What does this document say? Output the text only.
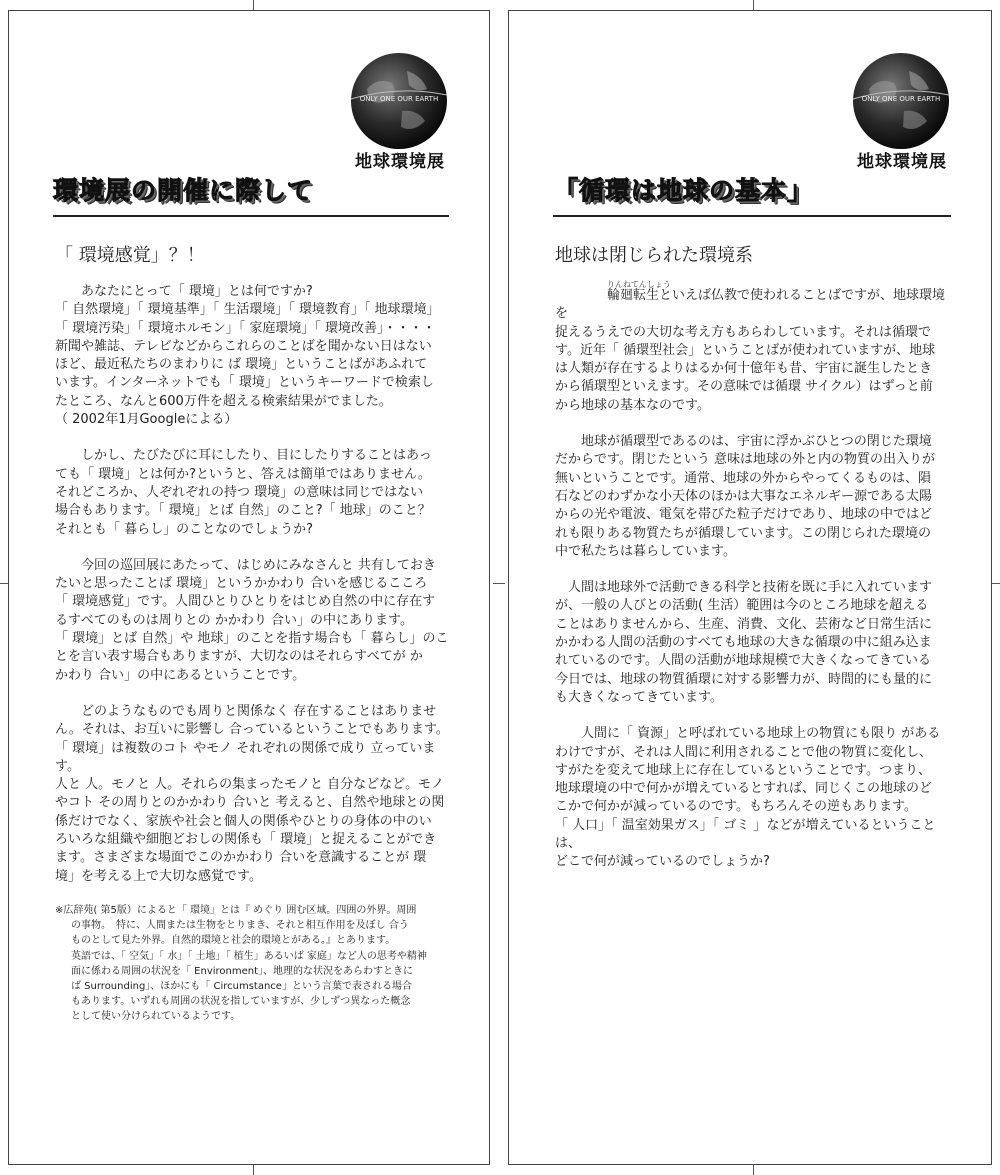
ONLY ONE OUR EARTH
地球環境展
環境展の開催に際して
「 環境感覚」？！

あなたにとって「 環境」とは何ですか?

「 自然環境」「 環境基準」「 生活環境」「 環境教育」「 地球環境」

「 環境汚染」「 環境ホルモン」「 家庭環境」「 環境改善」・・・・

新聞や雑誌、テレビなどからこれらのことばを聞かない日はない

ほど、最近私たちのまわりに ば 環境」ということばがあふれて

います。インターネットでも「 環境」というキーワードで検索し

たところ、なんと600万件を超える検索結果がでました。

（ 2002年1月Googleによる）

しかし、たびたびに耳にしたり、目にしたりすることはあっ

ても「 環境」とは何か?というと、答えは簡単ではありません。

それどころか、人ぞれぞれの持つ 環境」の意味は同じではない

場合もあります。「 環境」とば 自然」のこと?「 地球」のこと？

それとも「 暮らし」のことなのでしょうか?

今回の巡回展にあたって、はじめにみなさんと 共有しておき

たいと思ったことば 環境」というかかわり 合いを感じるこころ

「 環境感覚」です。人間ひとりひとりをはじめ自然の中に存在す

るすべてのものは周りとの かかわり 合い」の中にあります。

「 環境」とば 自然」や 地球」のことを指す場合も「 暮らし」のこ

とを言い表す場合もありますが、大切なのはそれらすべてが か

かわり 合い」の中にあるということです。

どのようなものでも周りと関係なく 存在することはありませ

ん。それは、お互いに影響し 合っているということでもあります。

「 環境」は複数のコト やモノ それぞれの関係で成り 立っています。

人と 人。モノと 人。それらの集まったモノと 自分などなど。モノ

やコト その周りとのかかわり 合いと 考えると、自然や地球との関

係だけでなく、家族や社会と個人の関係やひとりの身体の中のい

ろいろな組織や細胞どおしの関係も「 環境」と捉えることができ

ます。さまざまな場面でこのかかわり 合いを意識することが 環

境」を考える上で大切な感覚です。

※広辞苑( 第5版）によると「 環境」とは『 めぐり 囲む区域。四囲の外界。周囲

の事物。　特に、人間または生物をとりまき、それと相互作用を及ぼし 合う

ものとして見た外界。自然的環境と社会的環境とがある。』とあります。

英語では、「 空気」「 水」「 土地」「 植生」あるいば 家庭」など人の思考や精神

面に係わる周囲の状況を「 Environment」、地理的な状況をあらわすときに

ば Surrounding」、ほかにも「 Circumstance」という言葉で表される場合

もあります。いずれも周囲の状況を指していますが、少しずつ異なった概念

として使い分けられているようです。

ONLY ONE OUR EARTH
地球環境展
「循環は地球の基本」
地球は閉じられた環境系

りんねてんしょう
輪廻転生といえば仏教で使われることばですが、地球環境を

捉えるうえでの大切な考え方もあらわしています。それは循環で

す。近年「 循環型社会」ということばが使われていますが、地球

は人類が存在するよりはるか何十億年も昔、宇宙に誕生したとき

から循環型といえます。その意味では循環 サイクル）はずっと前

から地球の基本なのです。

地球が循環型であるのは、宇宙に浮かぶひとつの閉じた環境

だからです。閉じたという 意味は地球の外と内の物質の出入りが

無いということです。通常、地球の外からやってくるものは、隕

石などのわずかな小天体のほかは大事なエネルギー源である太陽

からの光や電波、電気を帯びた粒子だけであり、地球の中ではど

れも限りある物質たちが循環しています。この閉じられた環境の

中で私たちは暮らしています。

人間は地球外で活動できる科学と技術を既に手に入れています

が、一般の人びとの活動( 生活）範囲は今のところ地球を超える

ことはありませんから、生産、消費、文化、芸術など日常生活に

かかわる人間の活動のすべても地球の大きな循環の中に組み込ま

れているのです。人間の活動が地球規模で大きくなってきている

今日では、地球の物質循環に対する影響力が、時間的にも量的に

も大きくなってきています。

人間に「 資源」と呼ばれている地球上の物質にも限り がある

わけですが、それは人間に利用されることで他の物質に変化し、

すがたを変えて地球上に存在しているということです。つまり、

地球環境の中で何かが増えているとすれば、同じくこの地球のど

こかで何かが減っているのです。もちろんその逆もあります。

「 人口」「 温室効果ガス」「 ゴミ 」などが増えているということは、

どこで何が減っているのでしょうか?
